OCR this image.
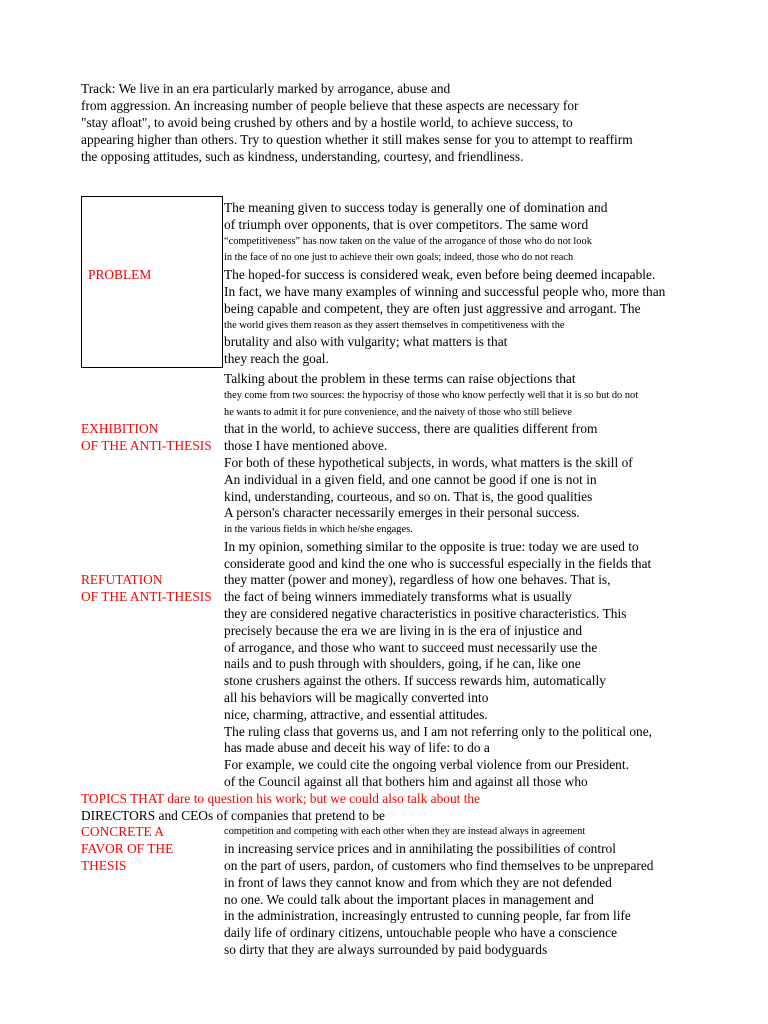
Track: We live in an era particularly marked by arrogance, abuse and
from aggression. An increasing number of people believe that these aspects are necessary for
"stay afloat", to avoid being crushed by others and by a hostile world, to achieve success, to
appearing higher than others. Try to question whether it still makes sense for you to attempt to reaffirm
the opposing attitudes, such as kindness, understanding, courtesy, and friendliness.
PROBLEM
The meaning given to success today is generally one of domination and
of triumph over opponents, that is over competitors. The same word
“competitiveness” has now taken on the value of the arrogance of those who do not look
in the face of no one just to achieve their own goals; indeed, those who do not reach
The hoped-for success is considered weak, even before being deemed incapable.
In fact, we have many examples of winning and successful people who, more than
being capable and competent, they are often just aggressive and arrogant. The
the world gives them reason as they assert themselves in competitiveness with the
brutality and also with vulgarity; what matters is that
they reach the goal.
EXHIBITION
OF THE ANTI-THESIS
Talking about the problem in these terms can raise objections that
they come from two sources: the hypocrisy of those who know perfectly well that it is so but do not
he wants to admit it for pure convenience, and the naivety of those who still believe
that in the world, to achieve success, there are qualities different from
those I have mentioned above.
For both of these hypothetical subjects, in words, what matters is the skill of
An individual in a given field, and one cannot be good if one is not in
kind, understanding, courteous, and so on. That is, the good qualities
A person's character necessarily emerges in their personal success.
in the various fields in which he/she engages.
REFUTATION
OF THE ANTI-THESIS
In my opinion, something similar to the opposite is true: today we are used to
considerate good and kind the one who is successful especially in the fields that
they matter (power and money), regardless of how one behaves. That is,
the fact of being winners immediately transforms what is usually
they are considered negative characteristics in positive characteristics. This
precisely because the era we are living in is the era of injustice and
of arrogance, and those who want to succeed must necessarily use the
nails and to push through with shoulders, going, if he can, like one
stone crushers against the others. If success rewards him, automatically
all his behaviors will be magically converted into
nice, charming, attractive, and essential attitudes.
The ruling class that governs us, and I am not referring only to the political one,
has made abuse and deceit his way of life: to do a
For example, we could cite the ongoing verbal violence from our President.
of the Council against all that bothers him and against all those who
TOPICS THAT dare to question his work; but we could also talk about the
DIRECTORS and CEOs of companies that pretend to be
CONCRETE A
FAVOR OF THE
THESIS
competition and competing with each other when they are instead always in agreement
in increasing service prices and in annihilating the possibilities of control
on the part of users, pardon, of customers who find themselves to be unprepared
in front of laws they cannot know and from which they are not defended
no one. We could talk about the important places in management and
in the administration, increasingly entrusted to cunning people, far from life
daily life of ordinary citizens, untouchable people who have a conscience
so dirty that they are always surrounded by paid bodyguards
